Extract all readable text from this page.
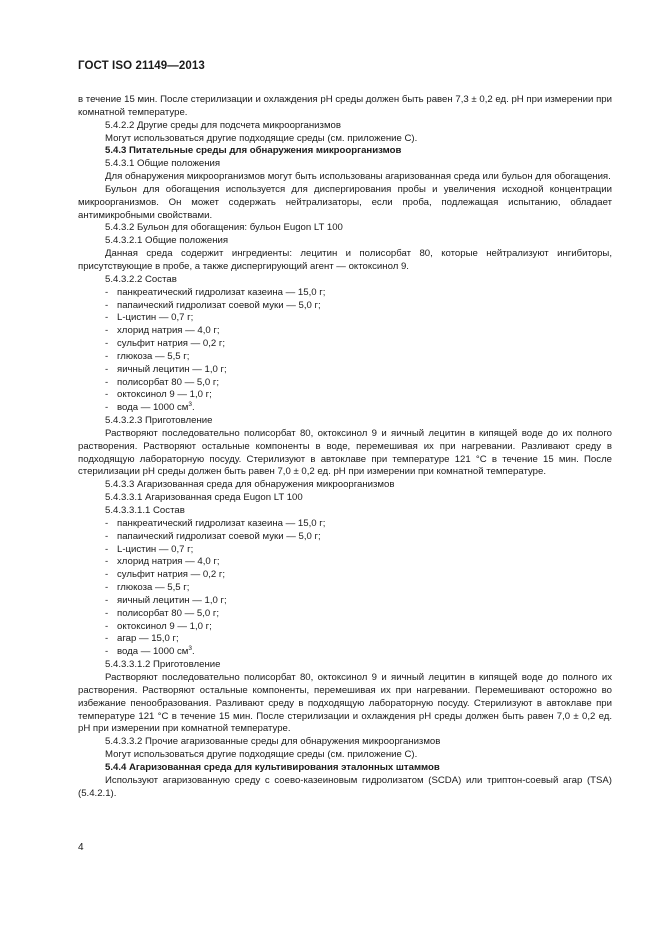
ГОСТ ISO 21149—2013
в течение 15 мин. После стерилизации и охлаждения pH среды должен быть равен 7,3 ± 0,2 ед. pH при измерении при комнатной температуре.
5.4.2.2 Другие среды для подсчета микроорганизмов
Могут использоваться другие подходящие среды (см. приложение С).
5.4.3 Питательные среды для обнаружения микроорганизмов
5.4.3.1 Общие положения
Для обнаружения микроорганизмов могут быть использованы агаризованная среда или бульон для обогащения.
Бульон для обогащения используется для диспергирования пробы и увеличения исходной концентрации микроорганизмов. Он может содержать нейтрализаторы, если проба, подлежащая испытанию, обладает антимикробными свойствами.
5.4.3.2 Бульон для обогащения: бульон Eugon LT 100
5.4.3.2.1 Общие положения
Данная среда содержит ингредиенты: лецитин и полисорбат 80, которые нейтрализуют ингибиторы, присутствующие в пробе, а также диспергирующий агент — октоксинол 9.
5.4.3.2.2 Состав
- панкреатический гидролизат казеина — 15,0 г;
- папаический гидролизат соевой муки — 5,0 г;
- L-цистин — 0,7 г;
- хлорид натрия — 4,0 г;
- сульфит натрия — 0,2 г;
- глюкоза — 5,5 г;
- яичный лецитин — 1,0 г;
- полисорбат 80 — 5,0 г;
- октоксинол 9 — 1,0 г;
- вода — 1000 $см^3$.
5.4.3.2.3 Приготовление
Растворяют последовательно полисорбат 80, октоксинол 9 и яичный лецитин в кипящей воде до их полного растворения. Растворяют остальные компоненты в воде, перемешивая их при нагревании. Разливают среду в подходящую лабораторную посуду. Стерилизуют в автоклаве при температуре 121 °С в течение 15 мин. После стерилизации pH среды должен быть равен 7,0 ± 0,2 ед. pH при измерении при комнатной температуре.
5.4.3.3 Агаризованная среда для обнаружения микроорганизмов
5.4.3.3.1 Агаризованная среда Eugon LT 100
5.4.3.3.1.1 Состав
- панкреатический гидролизат казеина — 15,0 г;
- папаический гидролизат соевой муки — 5,0 г;
- L-цистин — 0,7 г;
- хлорид натрия — 4,0 г;
- сульфит натрия — 0,2 г;
- глюкоза — 5,5 г;
- яичный лецитин — 1,0 г;
- полисорбат 80 — 5,0 г;
- октоксинол 9 — 1,0 г;
- агар — 15,0 г;
- вода — 1000 $см^3$.
5.4.3.3.1.2 Приготовление
Растворяют последовательно полисорбат 80, октоксинол 9 и яичный лецитин в кипящей воде до полного их растворения. Растворяют остальные компоненты, перемешивая их при нагревании. Перемешивают осторожно во избежание пенообразования. Разливают среду в подходящую лабораторную посуду. Стерилизуют в автоклаве при температуре 121 °С в течение 15 мин. После стерилизации и охлаждения pH среды должен быть равен 7,0 ± 0,2 ед. pH при измерении при комнатной температуре.
5.4.3.3.2 Прочие агаризованные среды для обнаружения микроорганизмов
Могут использоваться другие подходящие среды (см. приложение С).
5.4.4 Агаризованная среда для культивирования эталонных штаммов
Используют агаризованную среду с соево-казеиновым гидролизатом (SCDA) или триптон-соевый агар (TSA) (5.4.2.1).
4
